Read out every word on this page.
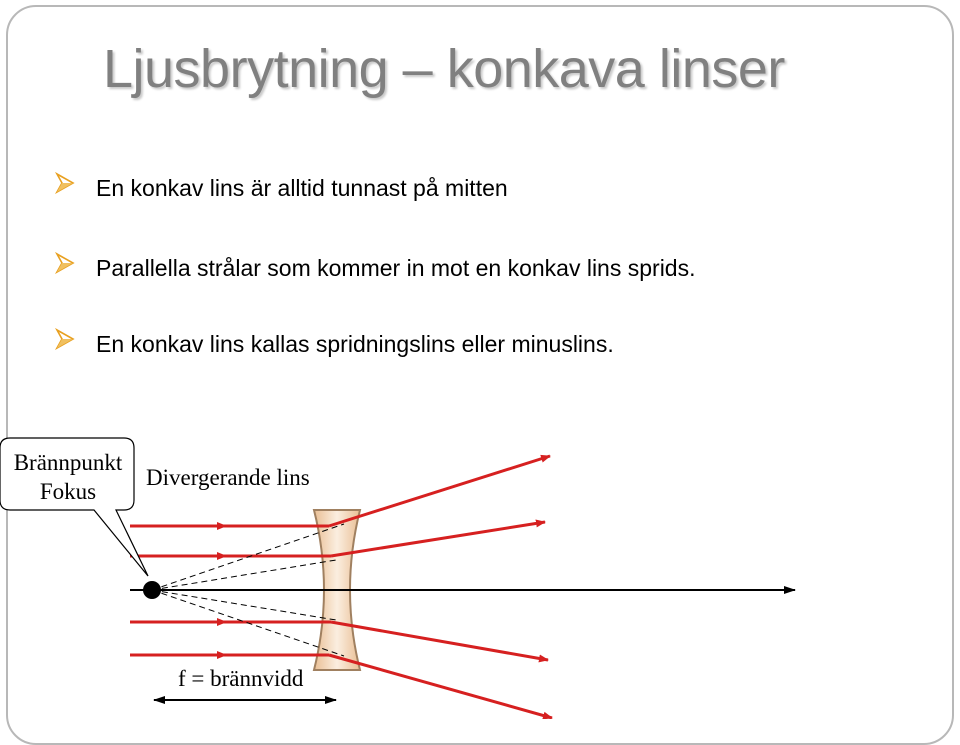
Ljusbrytning – konkava linser
En konkav lins är alltid tunnast på mitten
Parallella strålar som kommer in mot en konkav lins sprids.
En konkav lins kallas spridningslins eller minuslins.
Brännpunkt
Fokus
Divergerande lins
f = brännvidd
